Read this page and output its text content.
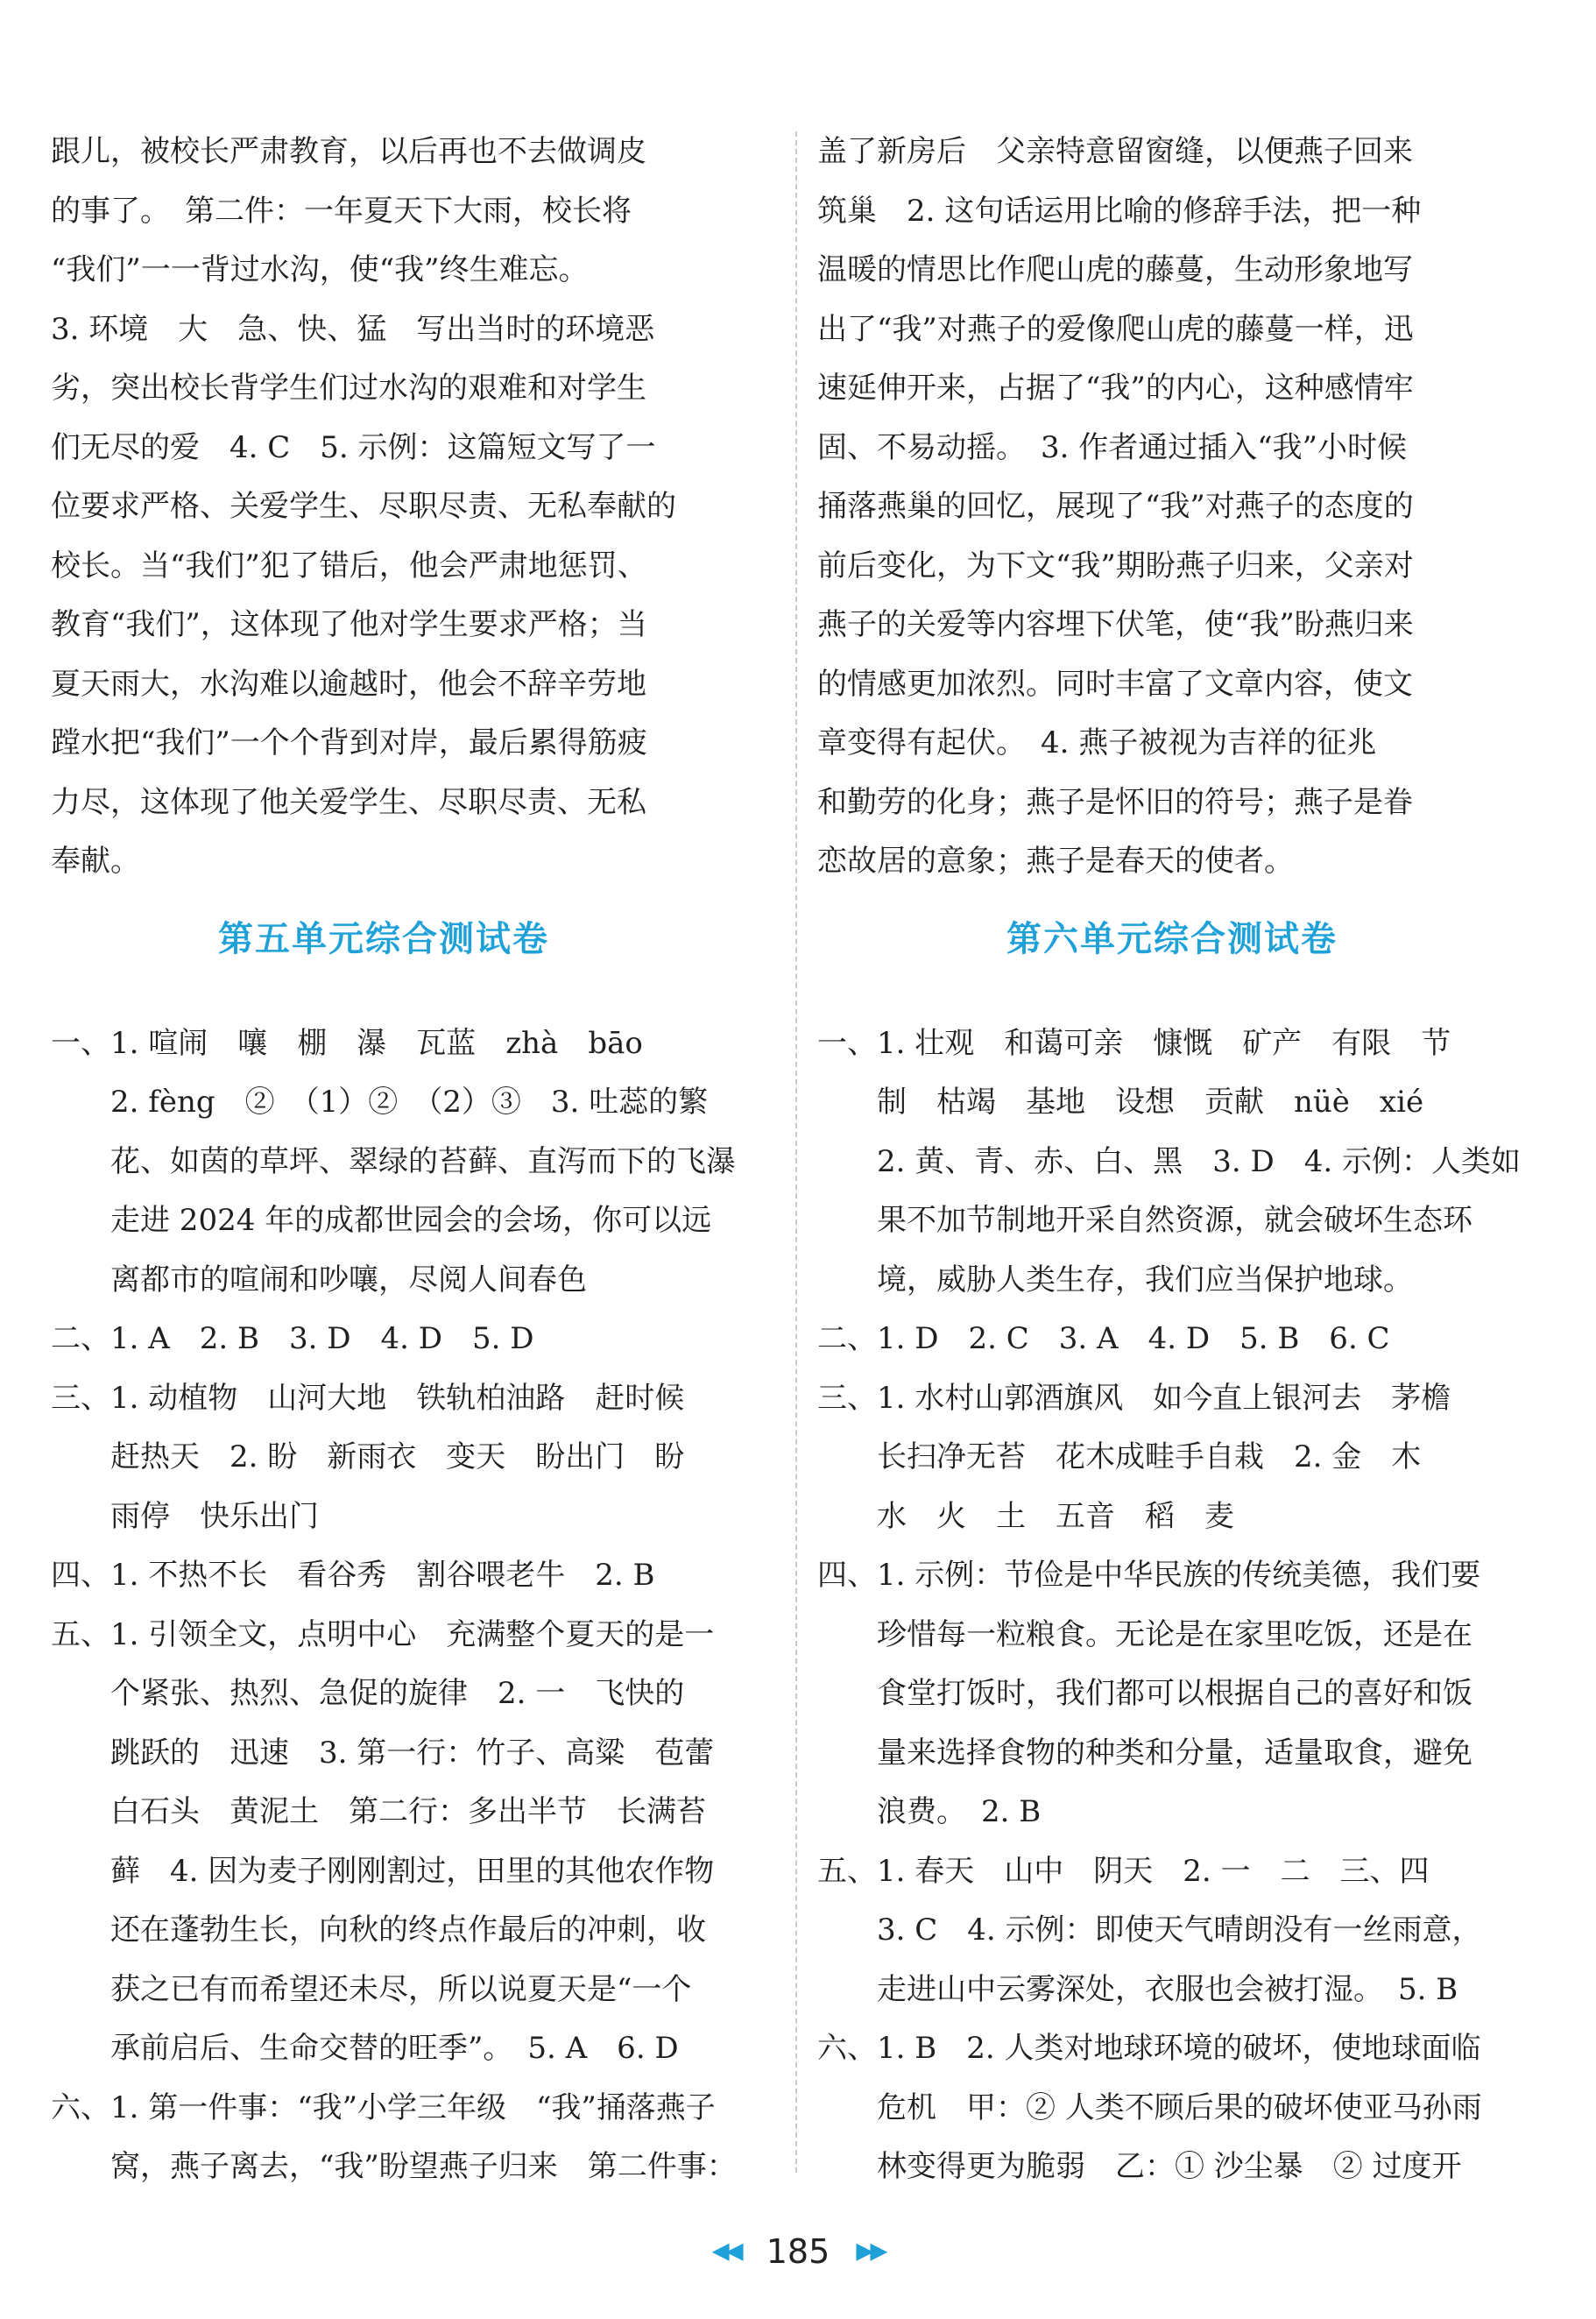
跟儿，被校长严肃教育，以后再也不去做调皮
的事了。　第二件：一年夏天下大雨，校长将
“我们”一一背过水沟，使“我”终生难忘。
3. 环境　大　急、快、猛　写出当时的环境恶
劣，突出校长背学生们过水沟的艰难和对学生
们无尽的爱　4. C　5. 示例：这篇短文写了一
位要求严格、关爱学生、尽职尽责、无私奉献的
校长。当“我们”犯了错后，他会严肃地惩罚、
教育“我们”，这体现了他对学生要求严格；当
夏天雨大，水沟难以逾越时，他会不辞辛劳地
蹚水把“我们”一个个背到对岸，最后累得筋疲
力尽，这体现了他关爱学生、尽职尽责、无私
奉献。
第五单元综合测试卷
一、1. 喧闹　嚷　棚　瀑　瓦蓝　zhà　bāo
　　2. fèng　②　（1）②　（2）③　3. 吐蕊的繁
　　花、如茵的草坪、翠绿的苔藓、直泻而下的飞瀑
　　走进 2024 年的成都世园会的会场，你可以远
　　离都市的喧闹和吵嚷，尽阅人间春色
二、1. A　2. B　3. D　4. D　5. D
三、1. 动植物　山河大地　铁轨柏油路　赶时候
　　赶热天　2. 盼　新雨衣　变天　盼出门　盼
　　雨停　快乐出门
四、1. 不热不长　看谷秀　割谷喂老牛　2. B
五、1. 引领全文，点明中心　充满整个夏天的是一
　　个紧张、热烈、急促的旋律　2. 一　飞快的
　　跳跃的　迅速　3. 第一行：竹子、高粱　苞蕾
　　白石头　黄泥土　第二行：多出半节　长满苔
　　藓　4. 因为麦子刚刚割过，田里的其他农作物
　　还在蓬勃生长，向秋的终点作最后的冲刺，收
　　获之已有而希望还未尽，所以说夏天是“一个
　　承前启后、生命交替的旺季”。　5. A　6. D
六、1. 第一件事：“我”小学三年级　“我”捅落燕子
　　窝，燕子离去，“我”盼望燕子归来　第二件事：
盖了新房后　父亲特意留窗缝，以便燕子回来
筑巢　2. 这句话运用比喻的修辞手法，把一种
温暖的情思比作爬山虎的藤蔓，生动形象地写
出了“我”对燕子的爱像爬山虎的藤蔓一样，迅
速延伸开来，占据了“我”的内心，这种感情牢
固、不易动摇。　3. 作者通过插入“我”小时候
捅落燕巢的回忆，展现了“我”对燕子的态度的
前后变化，为下文“我”期盼燕子归来，父亲对
燕子的关爱等内容埋下伏笔，使“我”盼燕归来
的情感更加浓烈。同时丰富了文章内容，使文
章变得有起伏。　4. 燕子被视为吉祥的征兆
和勤劳的化身；燕子是怀旧的符号；燕子是眷
恋故居的意象；燕子是春天的使者。
第六单元综合测试卷
一、1. 壮观　和蔼可亲　慷慨　矿产　有限　节
　　制　枯竭　基地　设想　贡献　nüè　xié
　　2. 黄、青、赤、白、黑　3. D　4. 示例：人类如
　　果不加节制地开采自然资源，就会破坏生态环
　　境，威胁人类生存，我们应当保护地球。
二、1. D　2. C　3. A　4. D　5. B　6. C
三、1. 水村山郭酒旗风　如今直上银河去　茅檐
　　长扫净无苔　花木成畦手自栽　2. 金　木
　　水　火　土　五音　稻　麦
四、1. 示例：节俭是中华民族的传统美德，我们要
　　珍惜每一粒粮食。无论是在家里吃饭，还是在
　　食堂打饭时，我们都可以根据自己的喜好和饭
　　量来选择食物的种类和分量，适量取食，避免
　　浪费。　2. B
五、1. 春天　山中　阴天　2. 一　二　三、四
　　3. C　4. 示例：即使天气晴朗没有一丝雨意，
　　走进山中云雾深处，衣服也会被打湿。　5. B
六、1. B　2. 人类对地球环境的破坏，使地球面临
　　危机　甲：② 人类不顾后果的破坏使亚马孙雨
　　林变得更为脆弱　乙：① 沙尘暴　② 过度开
◀◀ 185 ▶▶
